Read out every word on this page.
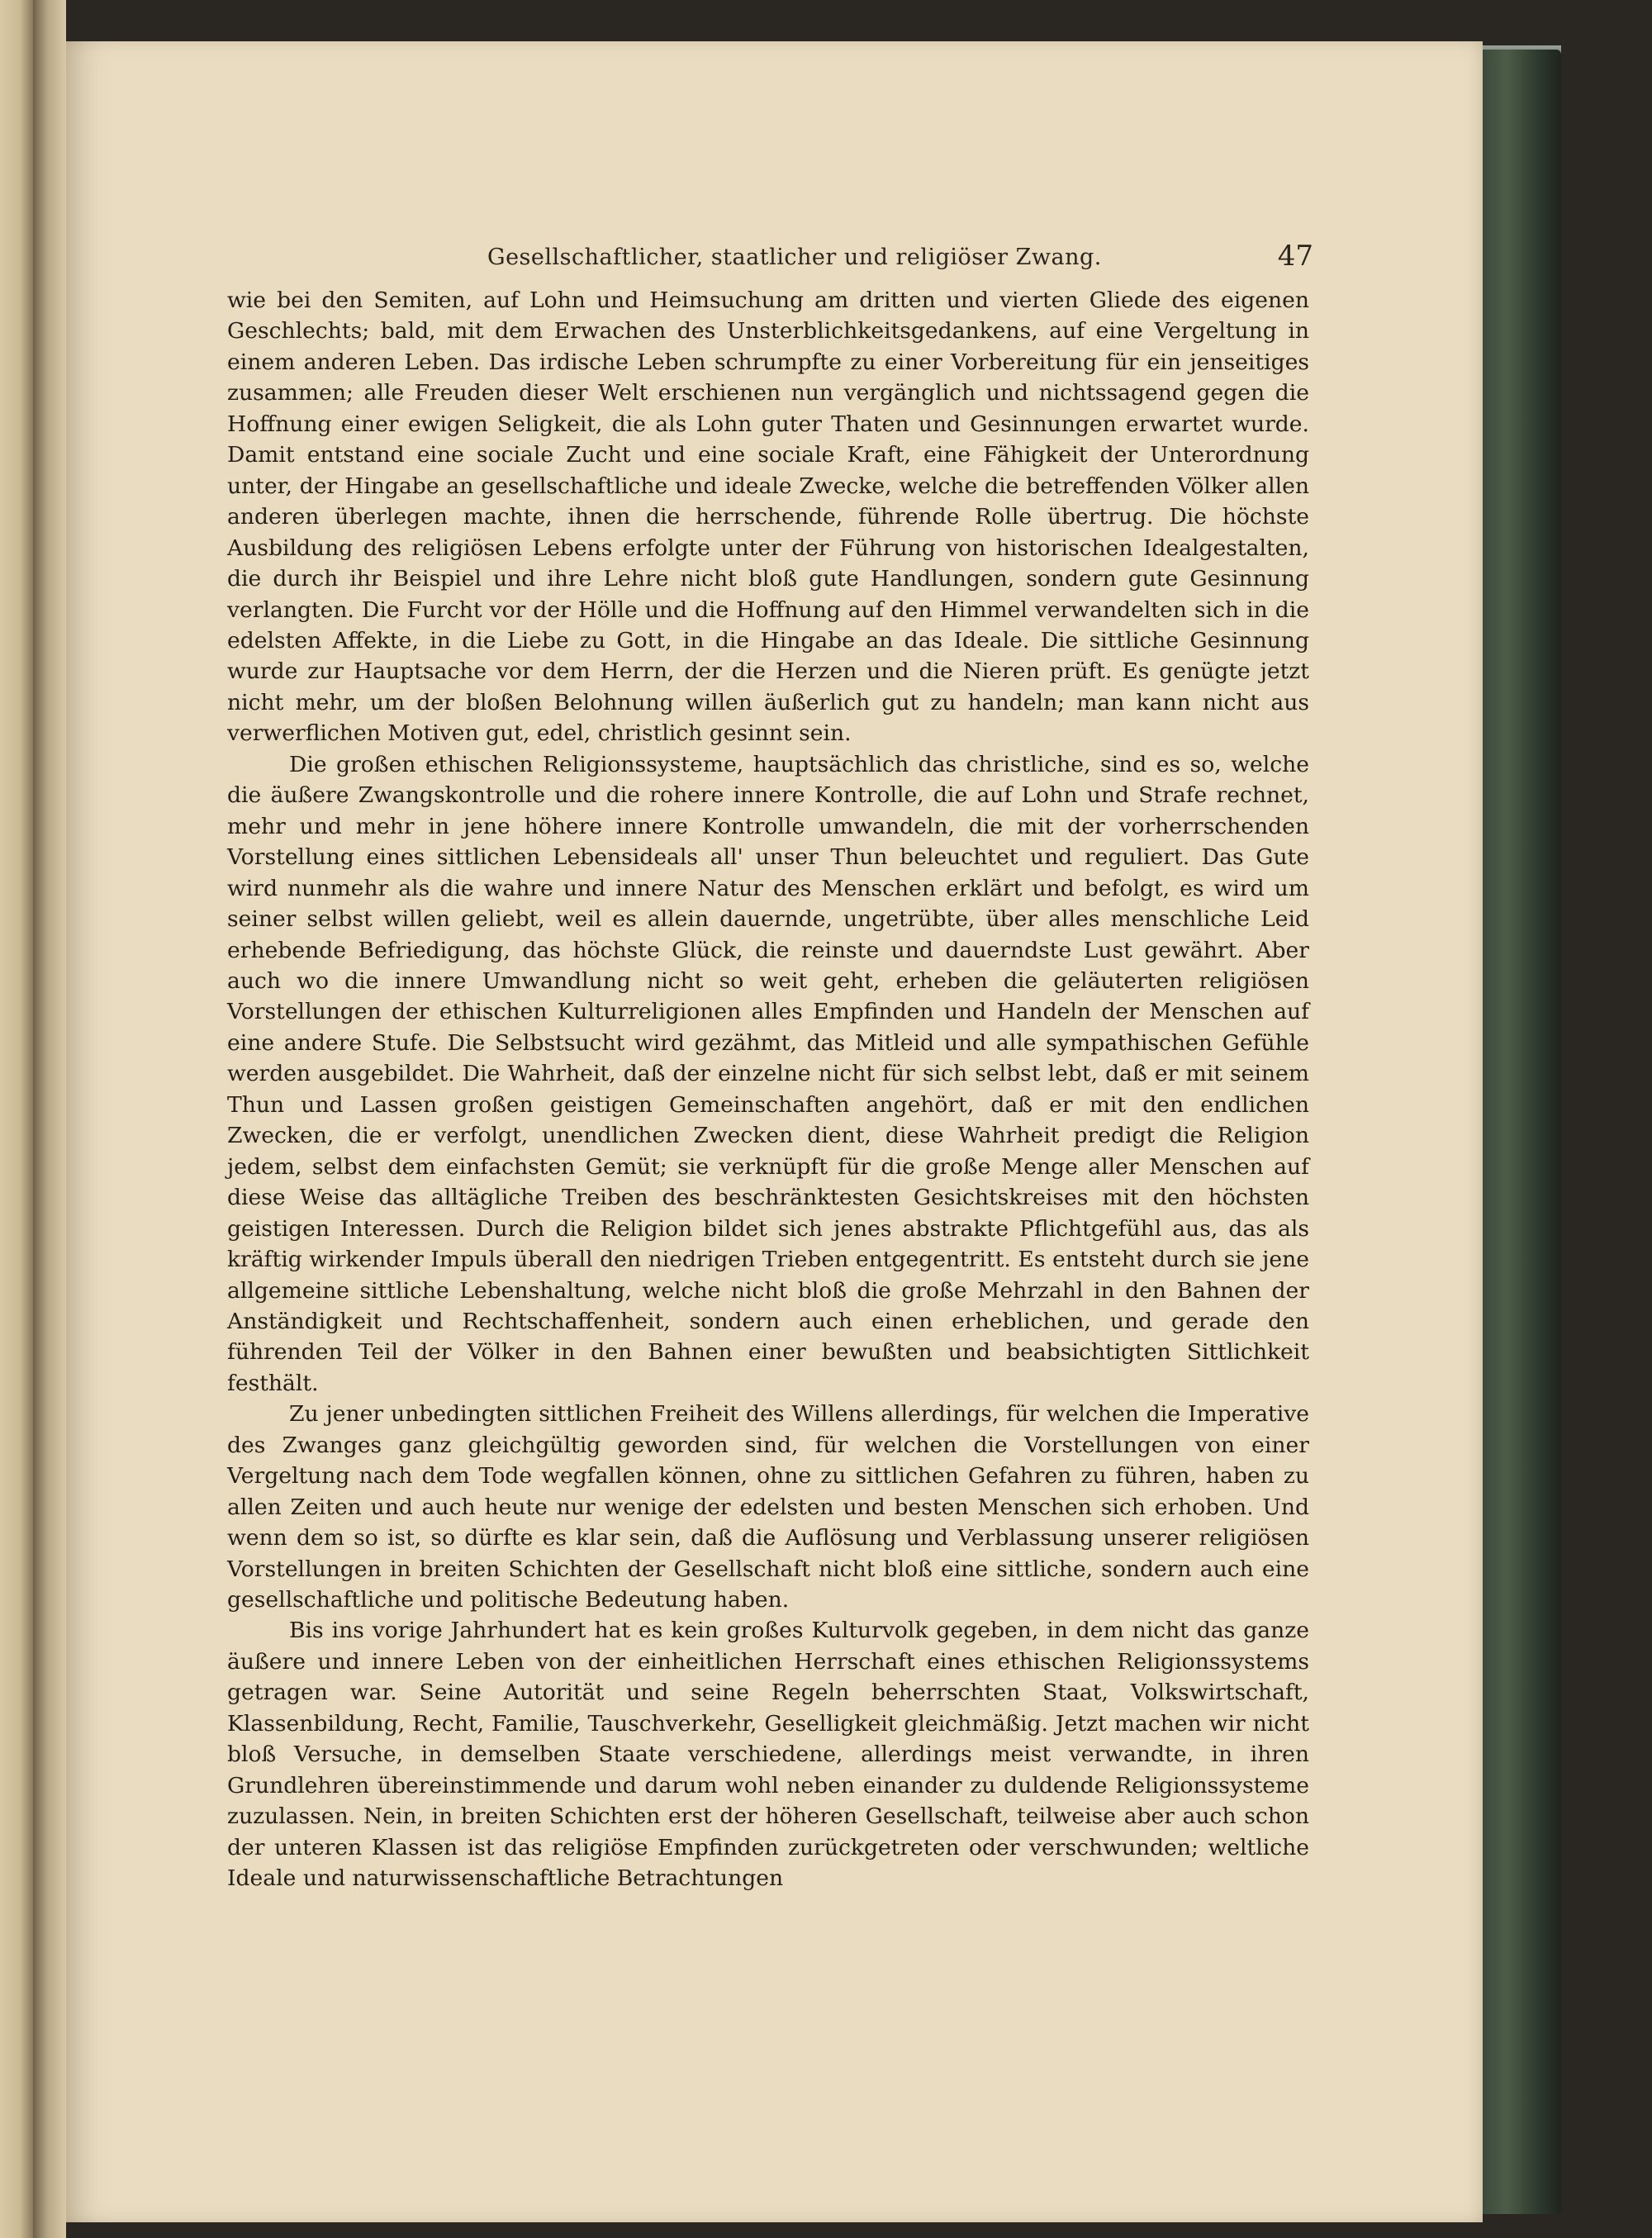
Gesellschaftlicher, staatlicher und religiöser Zwang.	47

wie bei den Semiten, auf Lohn und Heimsuchung am dritten und vierten Gliede des eigenen Geschlechts; bald, mit dem Erwachen des Unsterblichkeitsgedankens, auf eine Vergeltung in einem anderen Leben. Das irdische Leben schrumpfte zu einer Vorbereitung für ein jenseitiges zusammen; alle Freuden dieser Welt erschienen nun vergänglich und nichtssagend gegen die Hoffnung einer ewigen Seligkeit, die als Lohn guter Thaten und Gesinnungen erwartet wurde. Damit entstand eine sociale Zucht und eine sociale Kraft, eine Fähigkeit der Unterordnung unter, der Hingabe an gesellschaftliche und ideale Zwecke, welche die betreffenden Völker allen anderen überlegen machte, ihnen die herrschende, führende Rolle übertrug. Die höchste Ausbildung des religiösen Lebens erfolgte unter der Führung von historischen Idealgestalten, die durch ihr Beispiel und ihre Lehre nicht bloß gute Handlungen, sondern gute Gesinnung verlangten. Die Furcht vor der Hölle und die Hoffnung auf den Himmel verwandelten sich in die edelsten Affekte, in die Liebe zu Gott, in die Hingabe an das Ideale. Die sittliche Gesinnung wurde zur Hauptsache vor dem Herrn, der die Herzen und die Nieren prüft. Es genügte jetzt nicht mehr, um der bloßen Belohnung willen äußerlich gut zu handeln; man kann nicht aus verwerflichen Motiven gut, edel, christlich gesinnt sein.

Die großen ethischen Religionssysteme, hauptsächlich das christliche, sind es so, welche die äußere Zwangskontrolle und die rohere innere Kontrolle, die auf Lohn und Strafe rechnet, mehr und mehr in jene höhere innere Kontrolle umwandeln, die mit der vorherrschenden Vorstellung eines sittlichen Lebensideals all' unser Thun beleuchtet und reguliert. Das Gute wird nunmehr als die wahre und innere Natur des Menschen erklärt und befolgt, es wird um seiner selbst willen geliebt, weil es allein dauernde, ungetrübte, über alles menschliche Leid erhebende Befriedigung, das höchste Glück, die reinste und dauerndste Lust gewährt. Aber auch wo die innere Umwandlung nicht so weit geht, erheben die geläuterten religiösen Vorstellungen der ethischen Kulturreligionen alles Empfinden und Handeln der Menschen auf eine andere Stufe. Die Selbstsucht wird gezähmt, das Mitleid und alle sympathischen Gefühle werden ausgebildet. Die Wahrheit, daß der einzelne nicht für sich selbst lebt, daß er mit seinem Thun und Lassen großen geistigen Gemeinschaften angehört, daß er mit den endlichen Zwecken, die er verfolgt, unendlichen Zwecken dient, diese Wahrheit predigt die Religion jedem, selbst dem einfachsten Gemüt; sie verknüpft für die große Menge aller Menschen auf diese Weise das alltägliche Treiben des beschränktesten Gesichtskreises mit den höchsten geistigen Interessen. Durch die Religion bildet sich jenes abstrakte Pflichtgefühl aus, das als kräftig wirkender Impuls überall den niedrigen Trieben entgegentritt. Es entsteht durch sie jene allgemeine sittliche Lebenshaltung, welche nicht bloß die große Mehrzahl in den Bahnen der Anständigkeit und Rechtschaffenheit, sondern auch einen erheblichen, und gerade den führenden Teil der Völker in den Bahnen einer bewußten und beabsichtigten Sittlichkeit festhält.

Zu jener unbedingten sittlichen Freiheit des Willens allerdings, für welchen die Imperative des Zwanges ganz gleichgültig geworden sind, für welchen die Vorstellungen von einer Vergeltung nach dem Tode wegfallen können, ohne zu sittlichen Gefahren zu führen, haben zu allen Zeiten und auch heute nur wenige der edelsten und besten Menschen sich erhoben. Und wenn dem so ist, so dürfte es klar sein, daß die Auflösung und Verblassung unserer religiösen Vorstellungen in breiten Schichten der Gesellschaft nicht bloß eine sittliche, sondern auch eine gesellschaftliche und politische Bedeutung haben.

Bis ins vorige Jahrhundert hat es kein großes Kulturvolk gegeben, in dem nicht das ganze äußere und innere Leben von der einheitlichen Herrschaft eines ethischen Religionssystems getragen war. Seine Autorität und seine Regeln beherrschten Staat, Volkswirtschaft, Klassenbildung, Recht, Familie, Tauschverkehr, Geselligkeit gleichmäßig. Jetzt machen wir nicht bloß Versuche, in demselben Staate verschiedene, allerdings meist verwandte, in ihren Grundlehren übereinstimmende und darum wohl neben einander zu duldende Religionssysteme zuzulassen. Nein, in breiten Schichten erst der höheren Gesellschaft, teilweise aber auch schon der unteren Klassen ist das religiöse Empfinden zurückgetreten oder verschwunden; weltliche Ideale und naturwissenschaftliche Betrachtungen
